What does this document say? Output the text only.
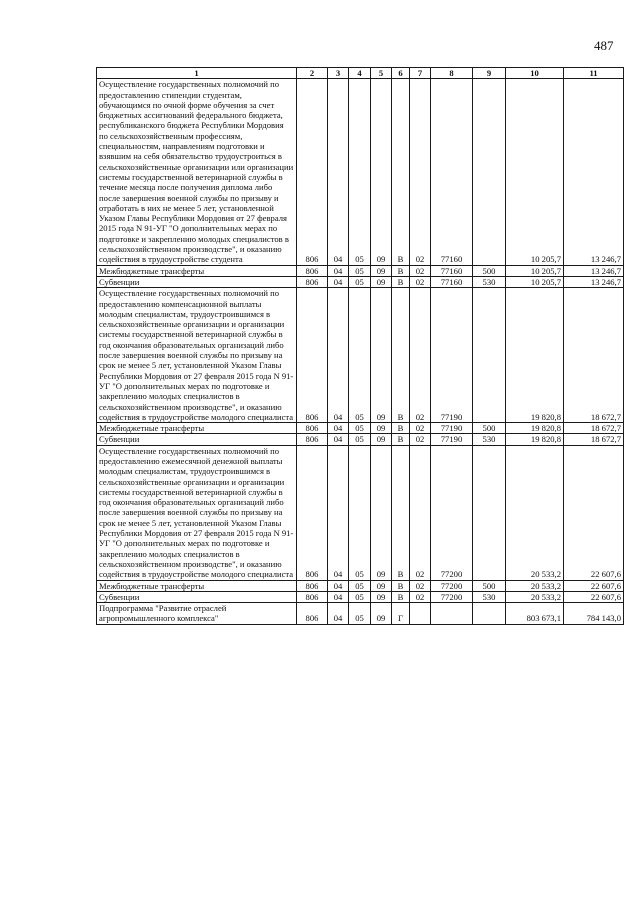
487
1	2	3	4	5	6	7	8	9	10	11
Осуществление государственных полномочий по предоставлению стипендии студентам, обучающимся по очной форме обучения за счет бюджетных ассигнований федерального бюджета, республиканского бюджета Республики Мордовия по сельскохозяйственным профессиям, специальностям, направлениям подготовки и взявшим на себя обязательство трудоустроиться в сельскохозяйственные организации или организации системы государственной ветеринарной службы в течение месяца после получения диплома либо после завершения военной службы по призыву и отработать в них не менее 5 лет, установленной Указом Главы Республики Мордовия от 27 февраля 2015 года N 91-УГ "О дополнительных мерах по подготовке и закреплению молодых специалистов в сельскохозяйственном производстве", и оказанию содействия в трудоустройстве студента	806	04	05	09	В	02	77160		10 205,7	13 246,7
Межбюджетные трансферты	806	04	05	09	В	02	77160	500	10 205,7	13 246,7
Субвенции	806	04	05	09	В	02	77160	530	10 205,7	13 246,7
Осуществление государственных полномочий по предоставлению компенсационной выплаты молодым специалистам, трудоустроившимся в сельскохозяйственные организации и организации системы государственной ветеринарной службы в год окончания образовательных организаций либо после завершения военной службы по призыву на срок не менее 5 лет, установленной Указом Главы Республики Мордовия от 27 февраля 2015 года N 91-УГ "О дополнительных мерах по подготовке и закреплению молодых специалистов в сельскохозяйственном производстве", и оказанию содействия в трудоустройстве молодого специалиста	806	04	05	09	В	02	77190		19 820,8	18 672,7
Межбюджетные трансферты	806	04	05	09	В	02	77190	500	19 820,8	18 672,7
Субвенции	806	04	05	09	В	02	77190	530	19 820,8	18 672,7
Осуществление государственных полномочий по предоставлению ежемесячной денежной выплаты молодым специалистам, трудоустроившимся в сельскохозяйственные организации и организации системы государственной ветеринарной службы в год окончания образовательных организаций либо после завершения военной службы по призыву на срок не менее 5 лет, установленной Указом Главы Республики Мордовия от 27 февраля 2015 года N 91-УГ "О дополнительных мерах по подготовке и закреплению молодых специалистов в сельскохозяйственном производстве", и оказанию содействия в трудоустройстве молодого специалиста	806	04	05	09	В	02	77200		20 533,2	22 607,6
Межбюджетные трансферты	806	04	05	09	В	02	77200	500	20 533,2	22 607,6
Субвенции	806	04	05	09	В	02	77200	530	20 533,2	22 607,6
Подпрограмма "Развитие отраслей агропромышленного комплекса"	806	04	05	09	Г				803 673,1	784 143,0
